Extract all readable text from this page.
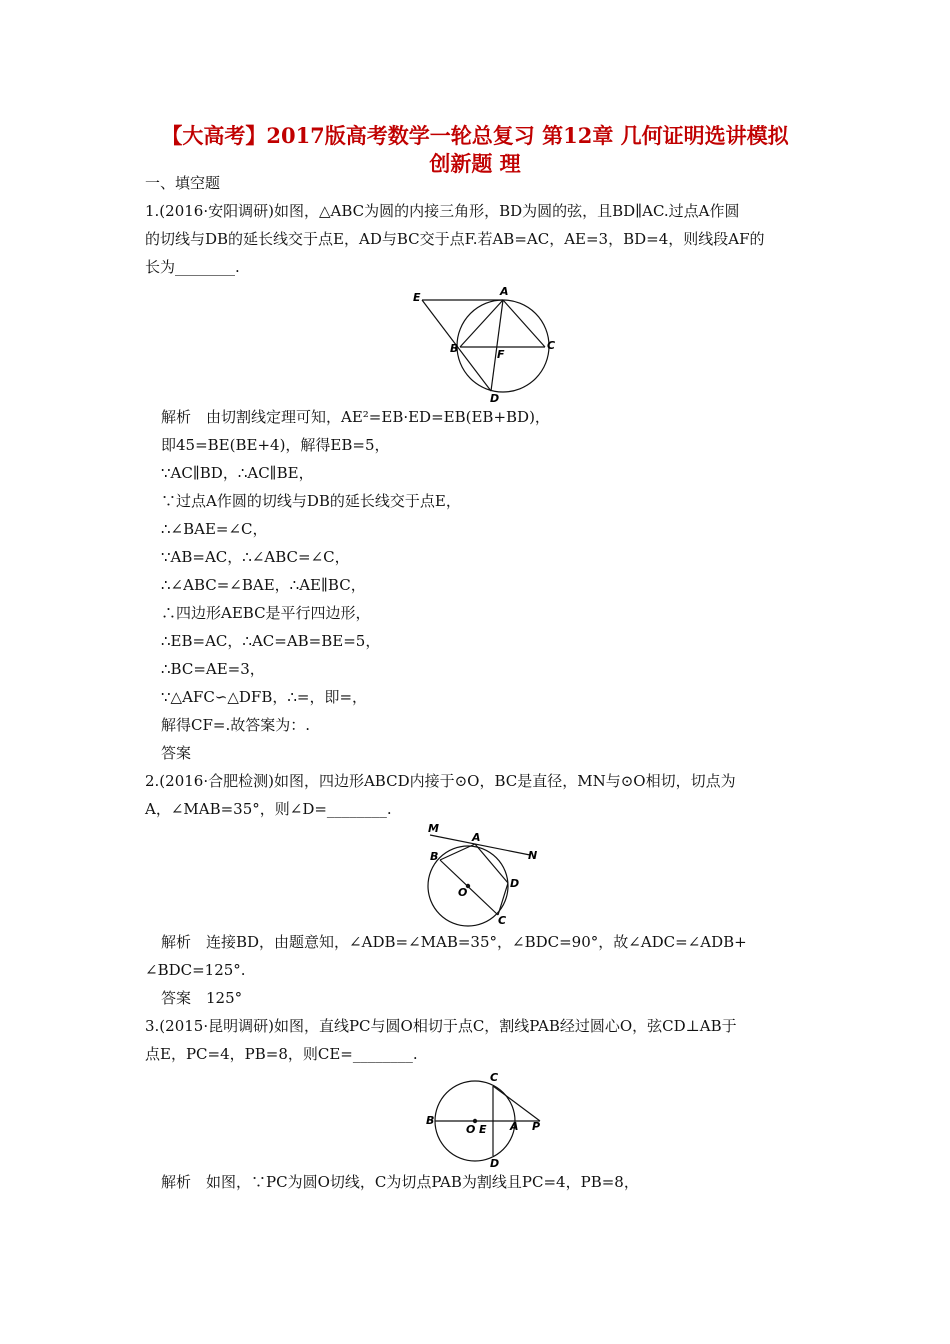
【大高考】2017版高考数学一轮总复习 第12章 几何证明选讲模拟
创新题 理
一、填空题
1.(2016·安阳调研)如图，△ABC为圆的内接三角形，BD为圆的弦，且BD∥AC.过点A作圆
的切线与DB的延长线交于点E，AD与BC交于点F.若AB=AC，AE=3，BD=4，则线段AF的
长为________.
E	A
B	F
C
D
解析　由切割线定理可知，AE²=EB·ED=EB(EB+BD)，
即45=BE(BE+4)，解得EB=5，
∵AC∥BD，∴AC∥BE，
∵过点A作圆的切线与DB的延长线交于点E，
∴∠BAE=∠C，
∵AB=AC，∴∠ABC=∠C，
∴∠ABC=∠BAE，∴AE∥BC，
∴四边形AEBC是平行四边形，
∴EB=AC，∴AC=AB=BE=5，
∴BC=AE=3，
∵△AFC∽△DFB，∴=，即=，
解得CF=.故答案为：.
答案
2.(2016·合肥检测)如图，四边形ABCD内接于⊙O，BC是直径，MN与⊙O相切，切点为
A，∠MAB=35°，则∠D=________.
M
A
N
B
O
D
C
解析　连接BD，由题意知，∠ADB=∠MAB=35°，∠BDC=90°，故∠ADC=∠ADB+
∠BDC=125°.
答案　125°
3.(2015·昆明调研)如图，直线PC与圆O相切于点C，割线PAB经过圆心O，弦CD⊥AB于
点E，PC=4，PB=8，则CE=________.
C
B
O E A P
D
解析　如图，∵PC为圆O切线，C为切点PAB为割线且PC=4，PB=8，
